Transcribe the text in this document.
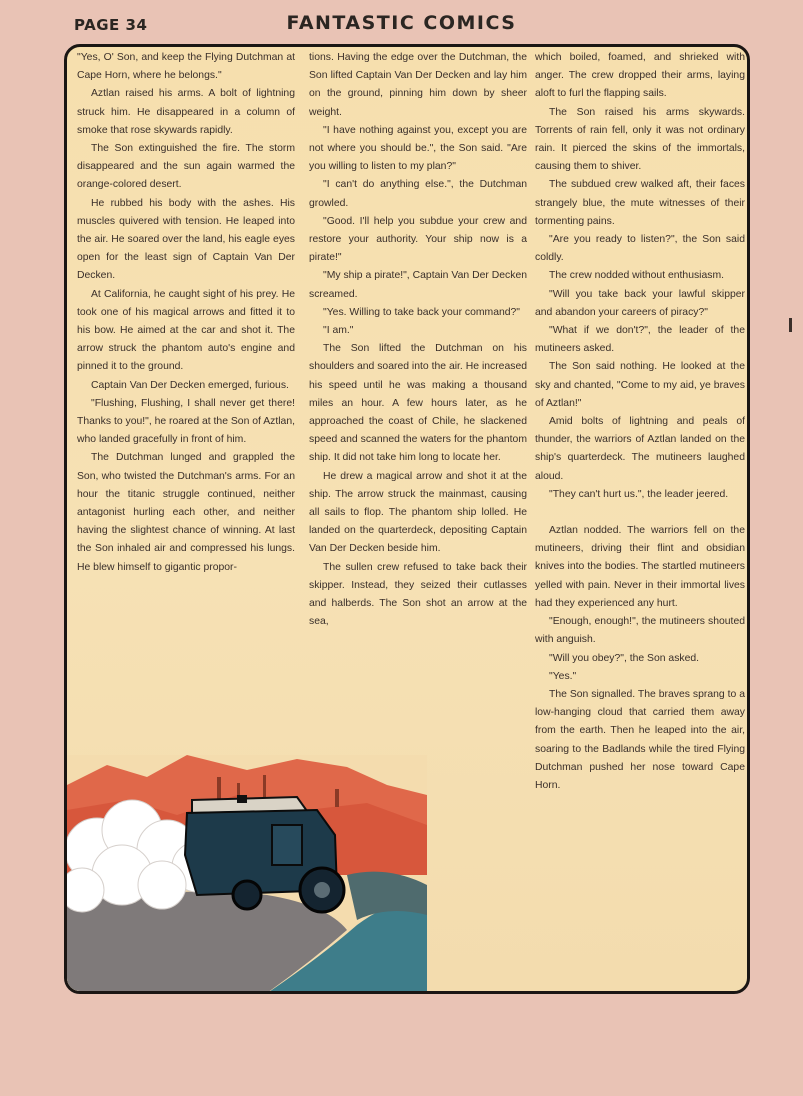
PAGE 34	FANTASTIC COMICS

"Yes, O' Son, and keep the Flying Dutchman at Cape Horn, where he belongs."

Aztlan raised his arms. A bolt of lightning struck him. He disappeared in a column of smoke that rose skywards rapidly.

The Son extinguished the fire. The storm disappeared and the sun again warmed the orange-colored desert.

He rubbed his body with the ashes. His muscles quivered with tension. He leaped into the air. He soared over the land, his eagle eyes open for the least sign of Captain Van Der Decken.

At California, he caught sight of his prey. He took one of his magical arrows and fitted it to his bow. He aimed at the car and shot it. The arrow struck the phantom auto's engine and pinned it to the ground.

Captain Van Der Decken emerged, furious.

"Flushing, Flushing, I shall never get there! Thanks to you!", he roared at the Son of Aztlan, who landed gracefully in front of him.

The Dutchman lunged and grappled the Son, who twisted the Dutchman's arms. For an hour the titanic struggle continued, neither antagonist hurling each other, and neither having the slightest chance of winning. At last the Son inhaled air and compressed his lungs. He blew himself to gigantic propor-

tions. Having the edge over the Dutchman, the Son lifted Captain Van Der Decken and lay him on the ground, pinning him down by sheer weight.

"I have nothing against you, except you are not where you should be.", the Son said. "Are you willing to listen to my plan?"

"I can't do anything else.", the Dutchman growled.

"Good. I'll help you subdue your crew and restore your authority. Your ship now is a pirate!"

"My ship a pirate!", Captain Van Der Decken screamed.

"Yes. Willing to take back your command?"

"I am."

The Son lifted the Dutchman on his shoulders and soared into the air. He increased his speed until he was making a thousand miles an hour. A few hours later, as he approached the coast of Chile, he slackened speed and scanned the waters for the phantom ship. It did not take him long to locate her.

He drew a magical arrow and shot it at the ship. The arrow struck the mainmast, causing all sails to flop. The phantom ship lolled. He landed on the quarterdeck, depositing Captain Van Der Decken beside him.

The sullen crew refused to take back their skipper. Instead, they seized their cutlasses and halberds. The Son shot an arrow at the sea,

which boiled, foamed, and shrieked with anger. The crew dropped their arms, laying aloft to furl the flapping sails.

The Son raised his arms skywards. Torrents of rain fell, only it was not ordinary rain. It pierced the skins of the immortals, causing them to shiver.

The subdued crew walked aft, their faces strangely blue, the mute witnesses of their tormenting pains.

"Are you ready to listen?", the Son said coldly.

The crew nodded without enthusiasm.

"Will you take back your lawful skipper and abandon your careers of piracy?"

"What if we don't?", the leader of the mutineers asked.

The Son said nothing. He looked at the sky and chanted, "Come to my aid, ye braves of Aztlan!"

Amid bolts of lightning and peals of thunder, the warriors of Aztlan landed on the ship's quarterdeck. The mutineers laughed aloud.

"They can't hurt us.", the leader jeered.

Aztlan nodded. The warriors fell on the mutineers, driving their flint and obsidian knives into the bodies. The startled mutineers yelled with pain. Never in their immortal lives had they experienced any hurt.

"Enough, enough!", the mutineers shouted with anguish.

"Will you obey?", the Son asked.

"Yes."

The Son signalled. The braves sprang to a low-hanging cloud that carried them away from the earth. Then he leaped into the air, soaring to the Badlands while the tired Flying Dutchman pushed her nose toward Cape Horn.
